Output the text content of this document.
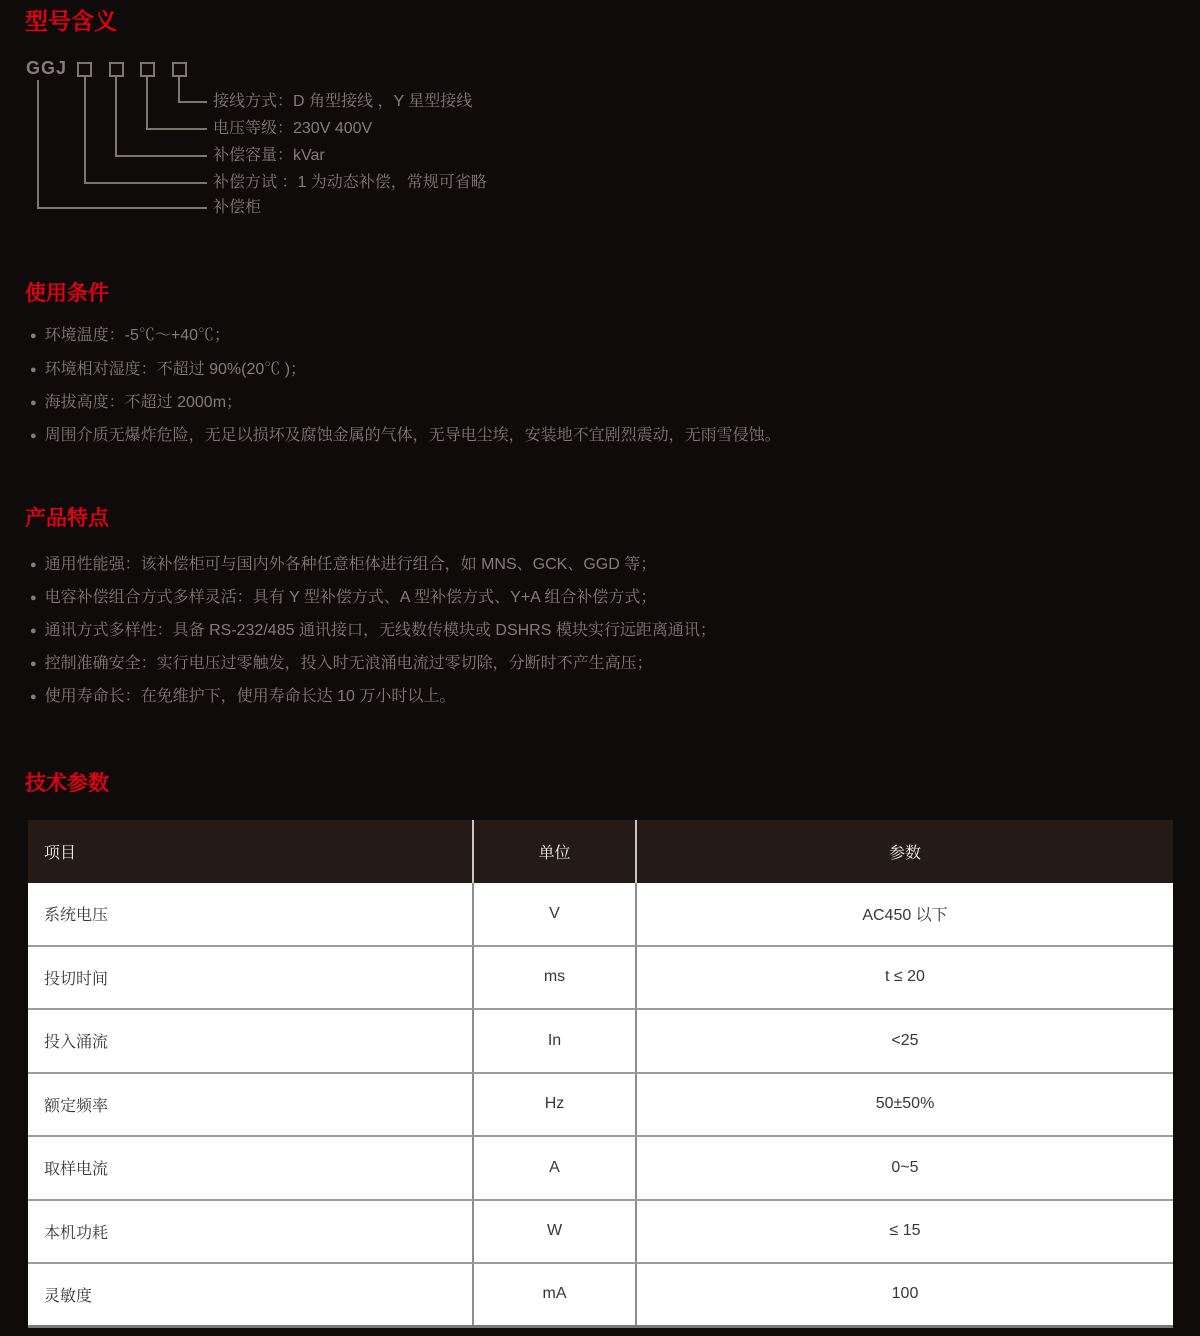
型号含义
GGJ
接线方式：D 角型接线 ，Y 星型接线
电压等级：230V 400V
补偿容量：kVar
补偿方试 ：1 为动态补偿，常规可省略
补偿柜
使用条件
● 环境温度：-5℃～+40℃；
● 环境相对湿度：不超过 90%(20℃ )；
● 海拔高度：不超过 2000m；
● 周围介质无爆炸危险，无足以损坏及腐蚀金属的气体，无导电尘埃，安装地不宜剧烈震动，无雨雪侵蚀。
产品特点
● 通用性能强：该补偿柜可与国内外各种任意柜体进行组合，如 MNS、GCK、GGD 等；
● 电容补偿组合方式多样灵活：具有 Y 型补偿方式、A 型补偿方式、Y+A 组合补偿方式；
● 通讯方式多样性：具备 RS-232/485 通讯接口，无线数传模块或 DSHRS 模块实行远距离通讯；
● 控制准确安全：实行电压过零触发，投入时无浪涌电流过零切除，分断时不产生高压；
● 使用寿命长：在免维护下，使用寿命长达 10 万小时以上。
技术参数
项目	单位	参数
系统电压	V	AC450 以下
投切时间	ms	t ≤ 20
投入涌流	In	<25
额定频率	Hz	50±50%
取样电流	A	0~5
本机功耗	W	≤ 15
灵敏度	mA	100
